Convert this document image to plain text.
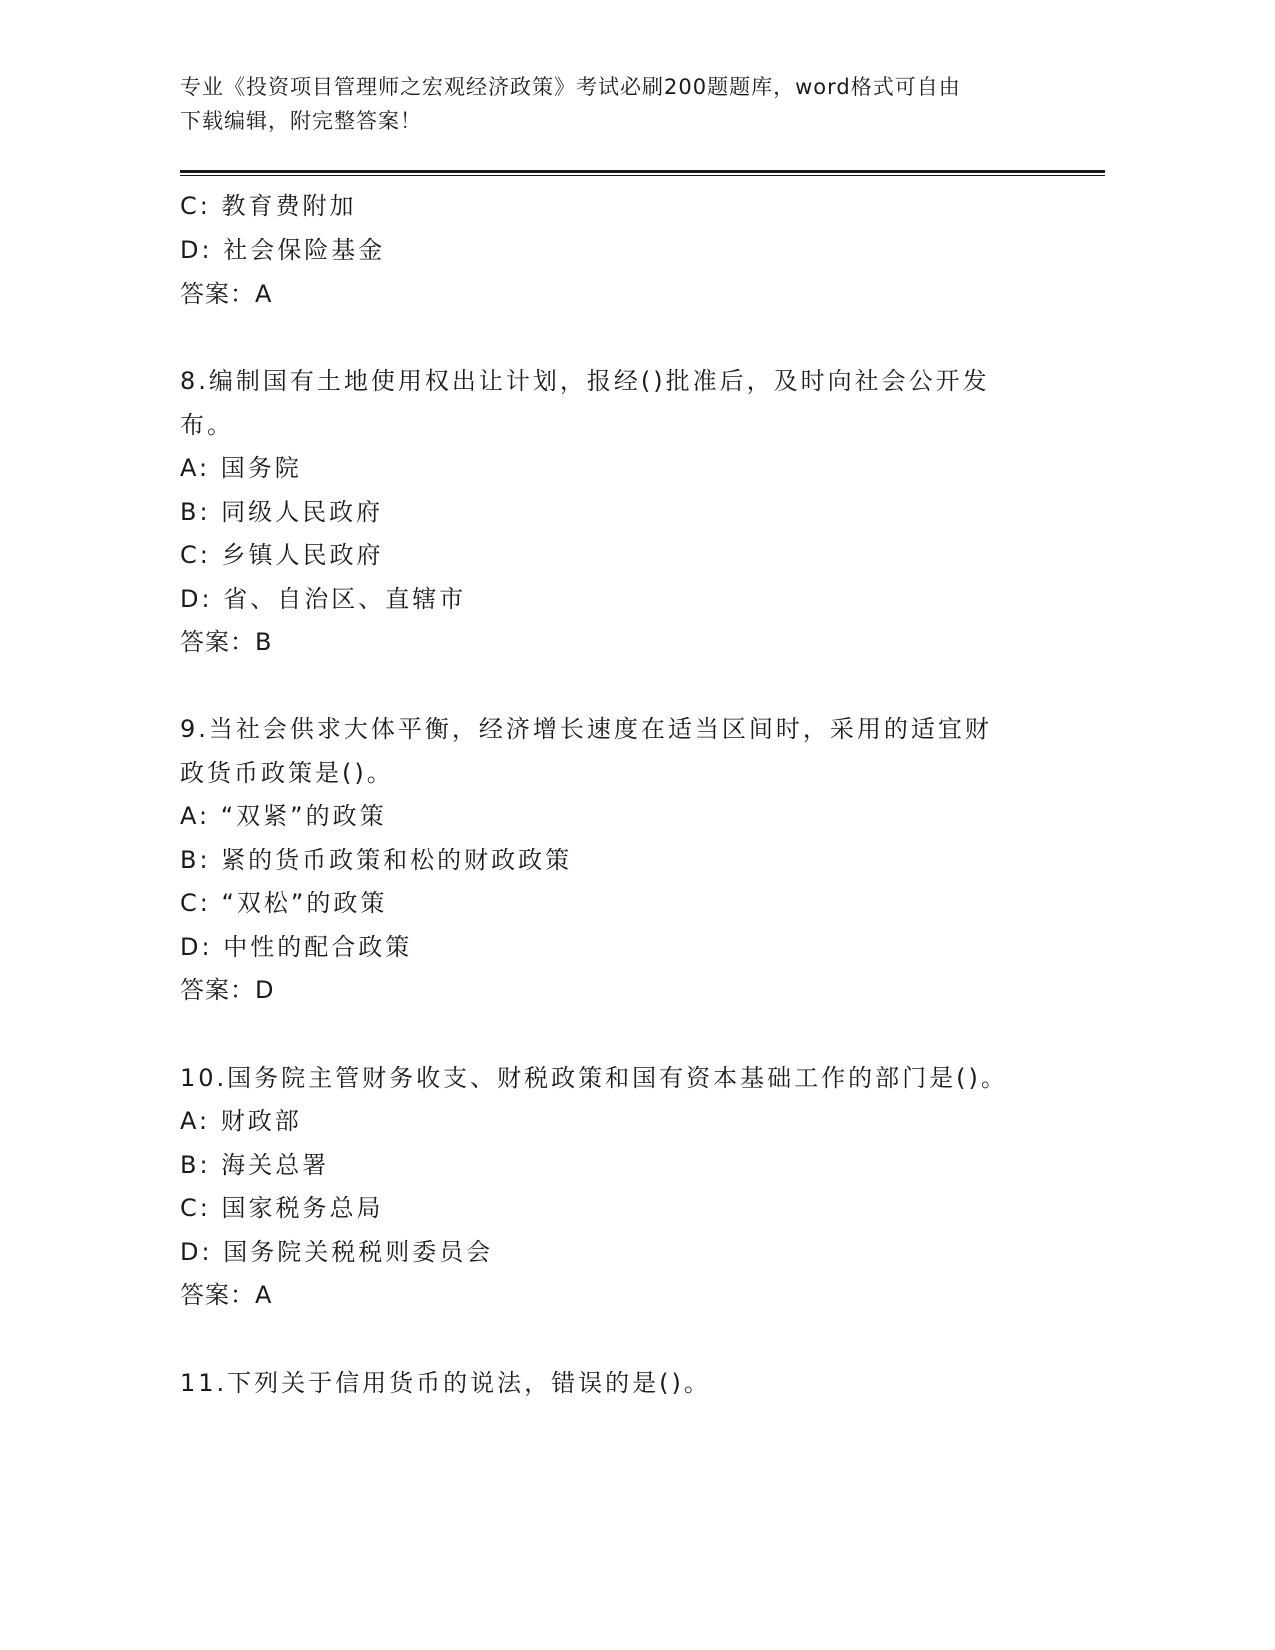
专业《投资项目管理师之宏观经济政策》考试必刷200题题库，word格式可自由
下载编辑，附完整答案！
C: 教育费附加
D: 社会保险基金
答案：A
8.编制国有土地使用权出让计划，报经()批准后，及时向社会公开发
布。
A: 国务院
B: 同级人民政府
C: 乡镇人民政府
D: 省、自治区、直辖市
答案：B
9.当社会供求大体平衡，经济增长速度在适当区间时，采用的适宜财
政货币政策是()。
A: “双紧”的政策
B: 紧的货币政策和松的财政政策
C: “双松”的政策
D: 中性的配合政策
答案：D
10.国务院主管财务收支、财税政策和国有资本基础工作的部门是()。
A: 财政部
B: 海关总署
C: 国家税务总局
D: 国务院关税税则委员会
答案：A
11.下列关于信用货币的说法，错误的是()。
